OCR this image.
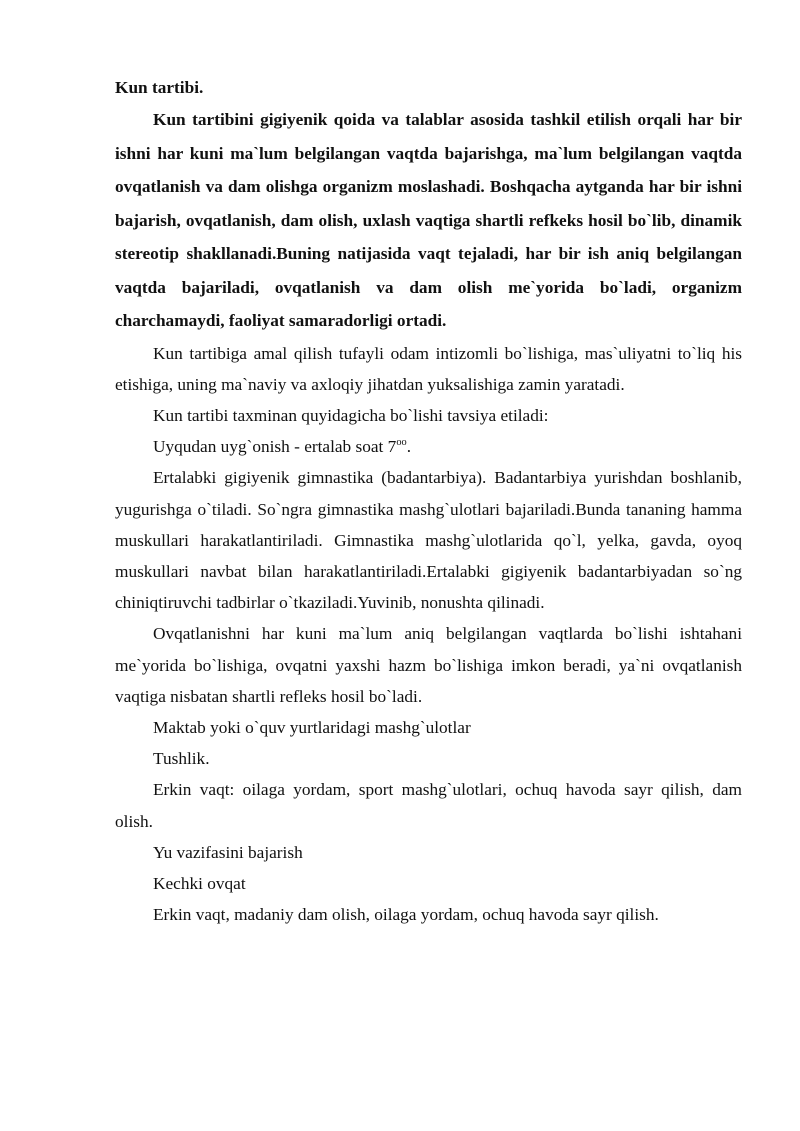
Kun tartibi.

Kun tartibini gigiyenik qoida va talablar asosida tashkil etilish orqali har bir ishni har kuni ma`lum belgilangan vaqtda bajarishga, ma`lum belgilangan vaqtda ovqatlanish va dam olishga organizm moslashadi. Boshqacha aytganda har bir ishni bajarish, ovqatlanish, dam olish, uxlash vaqtiga shartli refkeks hosil bo`lib, dinamik stereotip shakllanadi.Buning natijasida vaqt tejaladi, har bir ish aniq belgilangan vaqtda bajariladi, ovqatlanish va dam olish me`yorida bo`ladi, organizm charchamaydi, faoliyat samaradorligi ortadi.

Kun tartibiga amal qilish tufayli odam intizomli bo`lishiga, mas`uliyatni to`liq his etishiga, uning ma`naviy va axloqiy jihatdan yuksalishiga zamin yaratadi.

Kun tartibi taxminan quyidagicha bo`lishi tavsiya etiladi:

Uyqudan uyg`onish - ertalab soat $7^{oo}$.

Ertalabki gigiyenik gimnastika (badantarbiya). Badantarbiya yurishdan boshlanib, yugurishga o`tiladi. So`ngra gimnastika mashg`ulotlari bajariladi.Bunda tananing hamma muskullari harakatlantiriladi. Gimnastika mashg`ulotlarida qo`l, yelka, gavda, oyoq muskullari navbat bilan harakatlantiriladi.Ertalabki gigiyenik badantarbiyadan so`ng chiniqtiruvchi tadbirlar o`tkaziladi.Yuvinib, nonushta qilinadi.

Ovqatlanishni har kuni ma`lum aniq belgilangan vaqtlarda bo`lishi ishtahani me`yorida bo`lishiga, ovqatni yaxshi hazm bo`lishiga imkon beradi, ya`ni ovqatlanish vaqtiga nisbatan shartli refleks hosil bo`ladi.

Maktab yoki o`quv yurtlaridagi mashg`ulotlar

Tushlik.

Erkin vaqt: oilaga yordam, sport mashg`ulotlari, ochuq havoda sayr qilish, dam olish.

Yu vazifasini bajarish

Kechki ovqat

Erkin vaqt, madaniy dam olish, oilaga yordam, ochuq havoda sayr qilish.
